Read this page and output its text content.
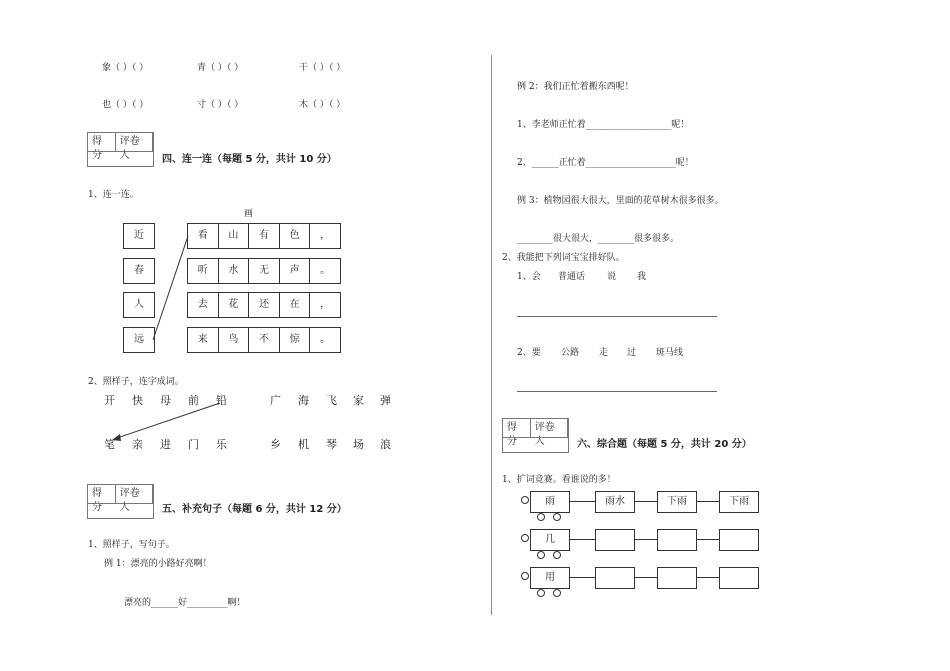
象（ ）（ ）	青（ ）（ ）	干（ ）（ ）
也（ ）（ ）	寸（ ）（ ）	木（ ）（ ）
得分
评卷人	四、连一连（每题 5 分，共计 10 分）
1、连一连。
画
近
春
人
远
看	山	有	色	，
听	水	无	声	。
去	花	还	在	，
来	鸟	不	惊	。
2、照样子，连字成词。
开 快 母 前 铅	广 海 飞 家 弹
笔 亲 进 门 乐	乡 机 琴 场 浪
得分
评卷人	五、补充句子（每题 6 分，共计 12 分）
1、照样子，写句子。
例 1：漂亮的小路好亮啊！
漂亮的______好_________啊！
例 2：我们正忙着搬东西呢！
1、李老师正忙着___________________呢！
2、______正忙着____________________呢！
例 3：植物园很大很大，里面的花草树木很多很多。
________很大很大，________很多很多。
2、我能把下列词宝宝排好队。
1、会 普通话 说 我
2、要 公路 走 过 斑马线
得分
评卷人	六、综合题（每题 5 分，共计 20 分）
1、扩词竞赛。看谁说的多！
雨	雨水	下雨	下雨
几
用
